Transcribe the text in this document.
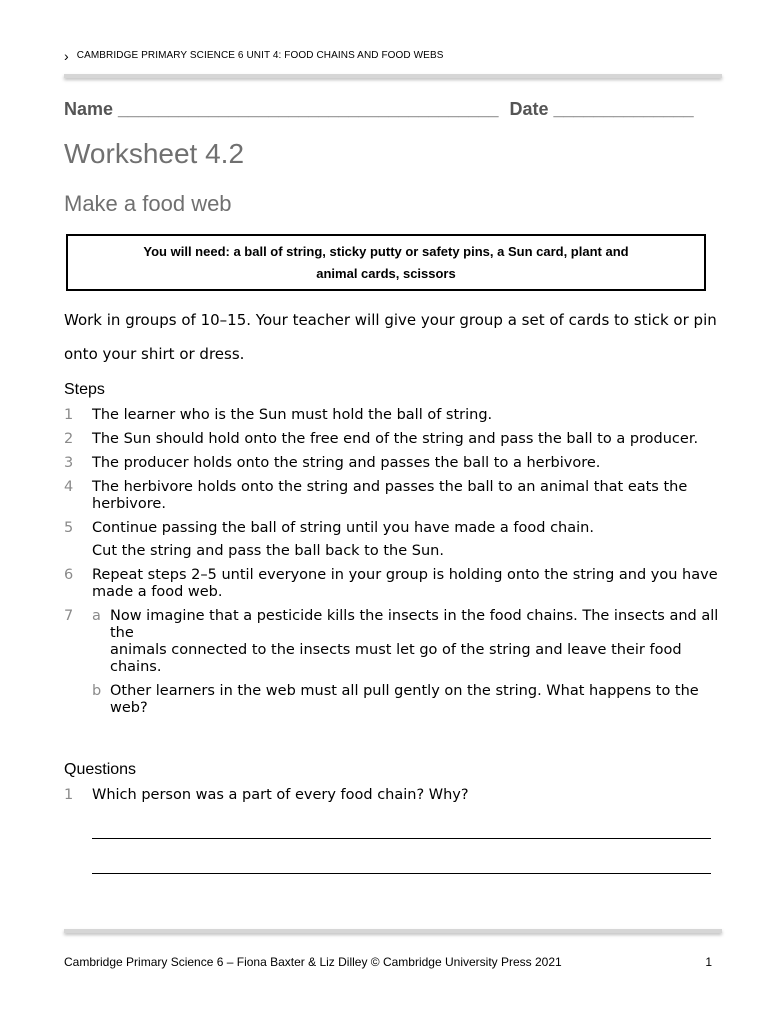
› CAMBRIDGE PRIMARY SCIENCE 6 UNIT 4: FOOD CHAINS AND FOOD WEBS
Name ______________________________________ Date ______________
Worksheet 4.2
Make a food web
You will need: a ball of string, sticky putty or safety pins, a Sun card, plant and
animal cards, scissors
Work in groups of 10–15. Your teacher will give your group a set of cards to stick or pin onto your shirt or dress.
Steps
1 The learner who is the Sun must hold the ball of string.
2 The Sun should hold onto the free end of the string and pass the ball to a producer.
3 The producer holds onto the string and passes the ball to a herbivore.
4 The herbivore holds onto the string and passes the ball to an animal that eats the herbivore.
5 Continue passing the ball of string until you have made a food chain.
Cut the string and pass the ball back to the Sun.
6 Repeat steps 2–5 until everyone in your group is holding onto the string and you have made a food web.
7 a Now imagine that a pesticide kills the insects in the food chains. The insects and all the
animals connected to the insects must let go of the string and leave their food chains.
b Other learners in the web must all pull gently on the string. What happens to the web?
Questions
1 Which person was a part of every food chain? Why?
Cambridge Primary Science 6 – Fiona Baxter & Liz Dilley © Cambridge University Press 2021	1
